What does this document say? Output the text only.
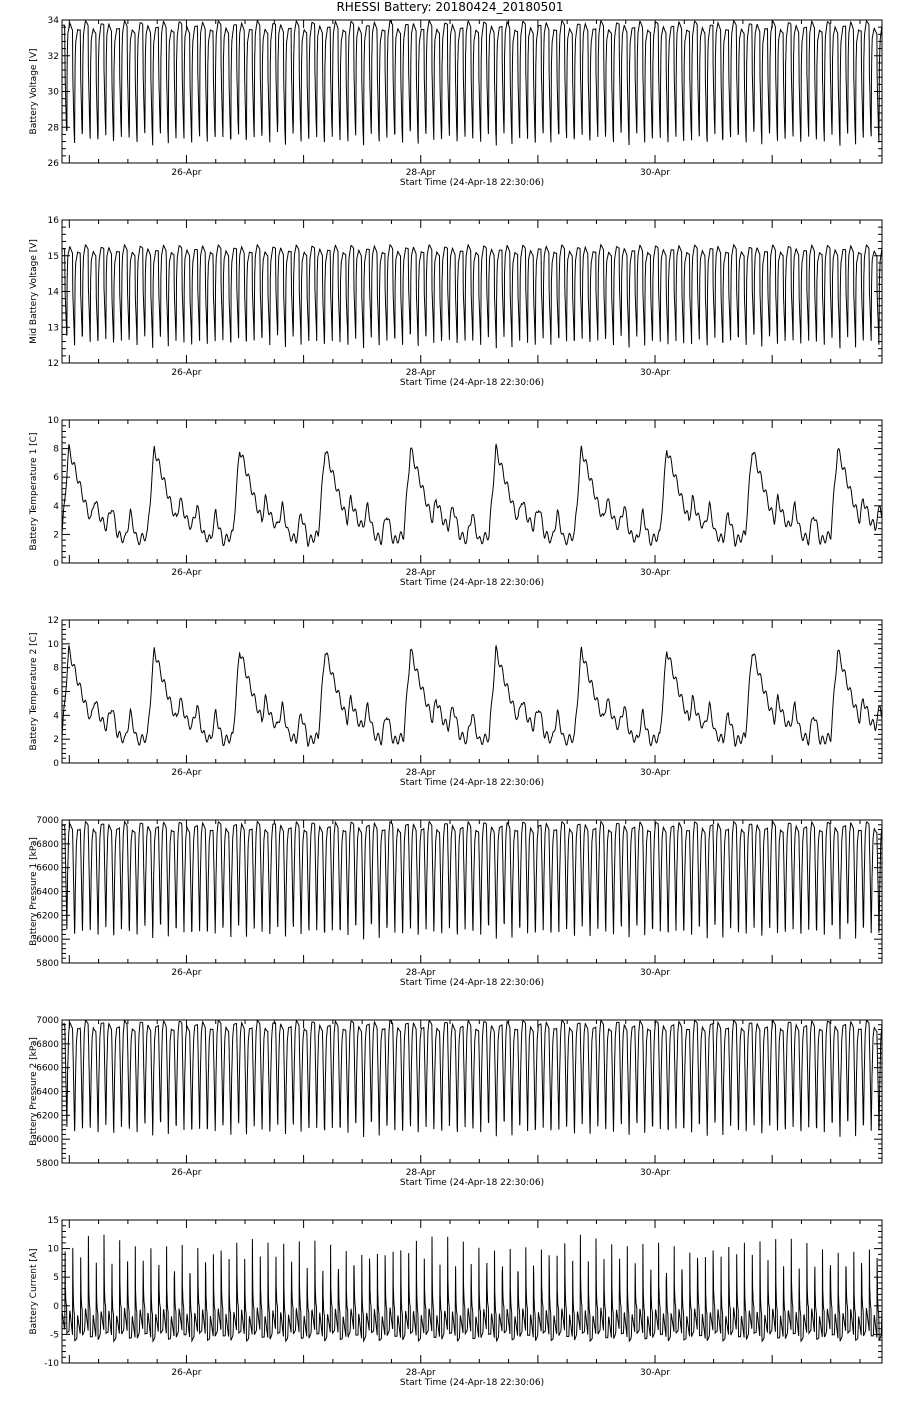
RHESSI Battery: 20180424_20180501
26
28
30
32
34
26-Apr	28-Apr	30-Apr
Start Time (24-Apr-18 22:30:06)
Battery Voltage [V]
12
13
14
15
16
26-Apr	28-Apr	30-Apr
Start Time (24-Apr-18 22:30:06)
Mid Battery Voltage [V]
0
2
4
6
8
10
26-Apr	28-Apr	30-Apr
Start Time (24-Apr-18 22:30:06)
Battery Temperature 1 [C]
0
2
4
6
8
10
12
26-Apr	28-Apr	30-Apr
Start Time (24-Apr-18 22:30:06)
Battery Temperature 2 [C]
5800
6000
6200
6400
6600
6800
7000
26-Apr	28-Apr	30-Apr
Start Time (24-Apr-18 22:30:06)
Battery Pressure 1 [kPa]
5800
6000
6200
6400
6600
6800
7000
26-Apr	28-Apr	30-Apr
Start Time (24-Apr-18 22:30:06)
Battery Pressure 2 [kPa]
-10
-5
0
5
10
15
26-Apr	28-Apr	30-Apr
Start Time (24-Apr-18 22:30:06)
Battery Current [A]
